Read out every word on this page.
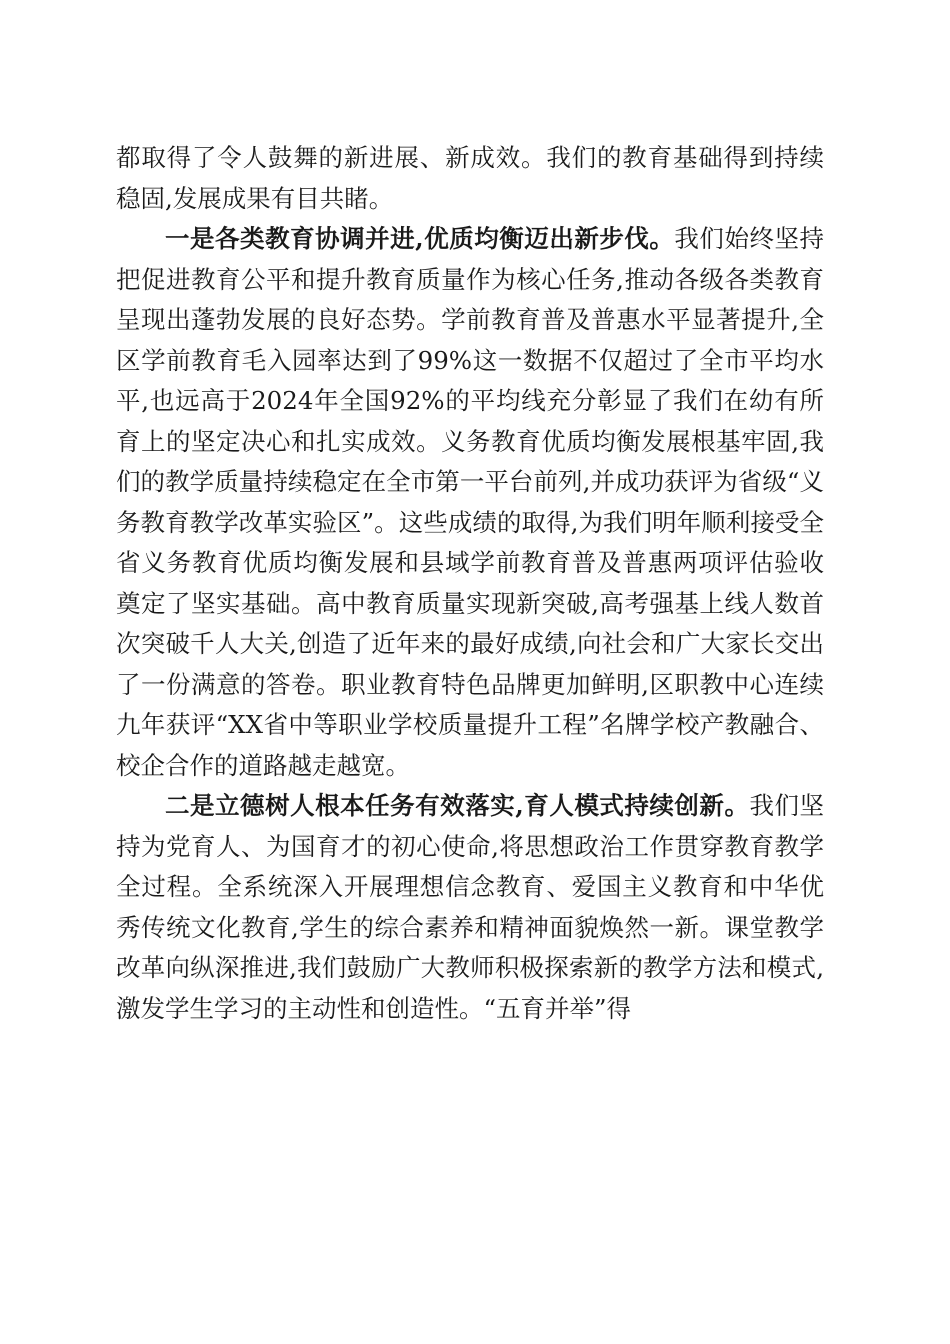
都取得了令人鼓舞的新进展、新成效。我们的教育基础得到持续稳固,发展成果有目共睹。

一是各类教育协调并进,优质均衡迈出新步伐。我们始终坚持把促进教育公平和提升教育质量作为核心任务,推动各级各类教育呈现出蓬勃发展的良好态势。学前教育普及普惠水平显著提升,全区学前教育毛入园率达到了99%这一数据不仅超过了全市平均水平,也远高于2024年全国92%的平均线充分彰显了我们在幼有所育上的坚定决心和扎实成效。义务教育优质均衡发展根基牢固,我们的教学质量持续稳定在全市第一平台前列,并成功获评为省级“义务教育教学改革实验区”。这些成绩的取得,为我们明年顺利接受全省义务教育优质均衡发展和县域学前教育普及普惠两项评估验收奠定了坚实基础。高中教育质量实现新突破,高考强基上线人数首次突破千人大关,创造了近年来的最好成绩,向社会和广大家长交出了一份满意的答卷。职业教育特色品牌更加鲜明,区职教中心连续九年获评“XX省中等职业学校质量提升工程”名牌学校产教融合、校企合作的道路越走越宽。

二是立德树人根本任务有效落实,育人模式持续创新。我们坚持为党育人、为国育才的初心使命,将思想政治工作贯穿教育教学全过程。全系统深入开展理想信念教育、爱国主义教育和中华优秀传统文化教育,学生的综合素养和精神面貌焕然一新。课堂教学改革向纵深推进,我们鼓励广大教师积极探索新的教学方法和模式,激发学生学习的主动性和创造性。“五育并举”得
